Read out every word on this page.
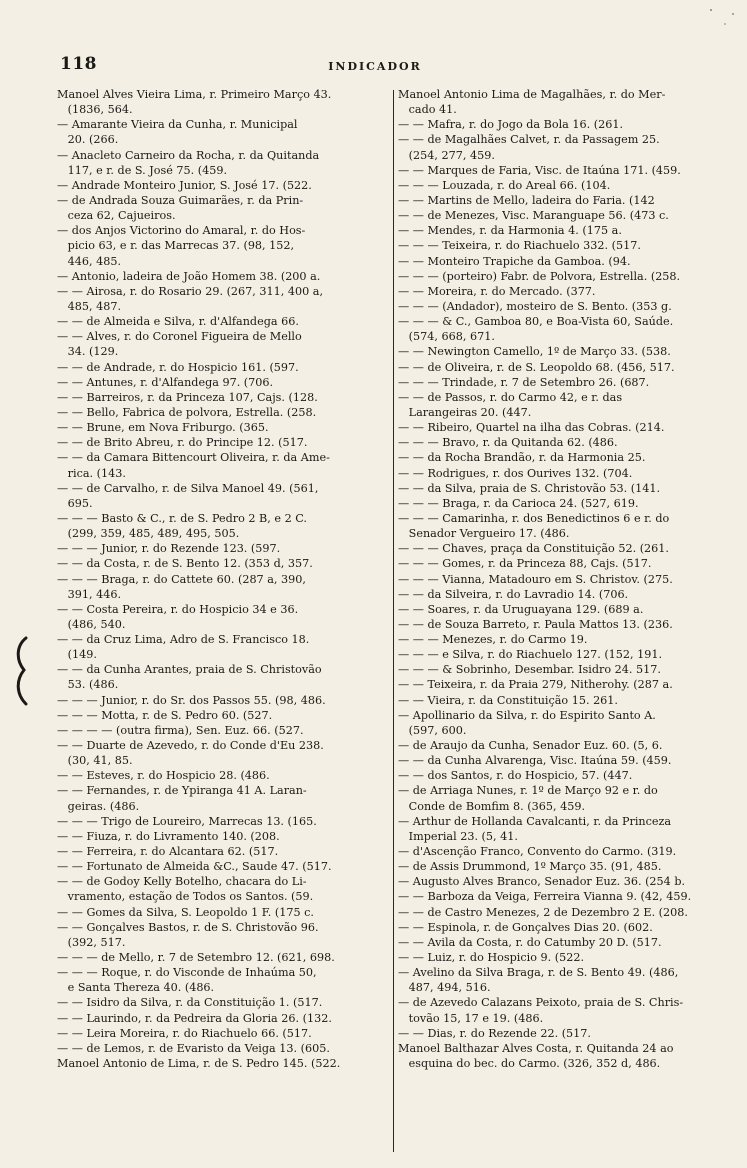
118	INDICADOR
Manoel Alves Vieira Lima, r. Primeiro Março 43.
(1836, 564.
— Amarante Vieira da Cunha, r. Municipal
20. (266.
— Anacleto Carneiro da Rocha, r. da Quitanda
117, e r. de S. José 75. (459.
— Andrade Monteiro Junior, S. José 17. (522.
— de Andrada Souza Guimarães, r. da Prin-
ceza 62, Cajueiros.
— dos Anjos Victorino do Amaral, r. do Hos-
picio 63, e r. das Marrecas 37. (98, 152,
446, 485.
— Antonio, ladeira de João Homem 38. (200 a.
— — Airosa, r. do Rosario 29. (267, 311, 400 a,
485, 487.
— — de Almeida e Silva, r. d'Alfandega 66.
— — Alves, r. do Coronel Figueira de Mello
34. (129.
— — de Andrade, r. do Hospicio 161. (597.
— — Antunes, r. d'Alfandega 97. (706.
— — Barreiros, r. da Princeza 107, Cajs. (128.
— — Bello, Fabrica de polvora, Estrella. (258.
— — Brune, em Nova Friburgo. (365.
— — de Brito Abreu, r. do Principe 12. (517.
— — da Camara Bittencourt Oliveira, r. da Ame-
rica. (143.
— — de Carvalho, r. de Silva Manoel 49. (561,
695.
— — — Basto & C., r. de S. Pedro 2 B, e 2 C.
(299, 359, 485, 489, 495, 505.
— — — Junior, r. do Rezende 123. (597.
— — da Costa, r. de S. Bento 12. (353 d, 357.
— — — Braga, r. do Cattete 60. (287 a, 390,
391, 446.
— — Costa Pereira, r. do Hospicio 34 e 36.
(486, 540.
— — da Cruz Lima, Adro de S. Francisco 18.
(149.
— — da Cunha Arantes, praia de S. Christovão
53. (486.
— — — Junior, r. do Sr. dos Passos 55. (98, 486.
— — — Motta, r. de S. Pedro 60. (527.
— — — — (outra firma), Sen. Euz. 66. (527.
— — Duarte de Azevedo, r. do Conde d'Eu 238.
(30, 41, 85.
— — Esteves, r. do Hospicio 28. (486.
— — Fernandes, r. de Ypiranga 41 A. Laran-
geiras. (486.
— — — Trigo de Loureiro, Marrecas 13. (165.
— — Fiuza, r. do Livramento 140. (208.
— — Ferreira, r. do Alcantara 62. (517.
— — Fortunato de Almeida &C., Saude 47. (517.
— — de Godoy Kelly Botelho, chacara do Li-
vramento, estação de Todos os Santos. (59.
— — Gomes da Silva, S. Leopoldo 1 F. (175 c.
— — Gonçalves Bastos, r. de S. Christovão 96.
(392, 517.
— — — de Mello, r. 7 de Setembro 12. (621, 698.
— — — Roque, r. do Visconde de Inhaúma 50,
e Santa Thereza 40. (486.
— — Isidro da Silva, r. da Constituição 1. (517.
— — Laurindo, r. da Pedreira da Gloria 26. (132.
— — Leira Moreira, r. do Riachuelo 66. (517.
— — de Lemos, r. de Evaristo da Veiga 13. (605.
Manoel Antonio de Lima, r. de S. Pedro 145. (522.
Manoel Antonio Lima de Magalhães, r. do Mer-
cado 41.
— — Mafra, r. do Jogo da Bola 16. (261.
— — de Magalhães Calvet, r. da Passagem 25.
(254, 277, 459.
— — Marques de Faria, Visc. de Itaúna 171. (459.
— — — Louzada, r. do Areal 66. (104.
— — Martins de Mello, ladeira do Faria. (142
— — de Menezes, Visc. Maranguape 56. (473 c.
— — Mendes, r. da Harmonia 4. (175 a.
— — — Teixeira, r. do Riachuelo 332. (517.
— — Monteiro Trapiche da Gamboa. (94.
— — — (porteiro) Fabr. de Polvora, Estrella. (258.
— — Moreira, r. do Mercado. (377.
— — — (Andador), mosteiro de S. Bento. (353 g.
— — — & C., Gamboa 80, e Boa-Vista 60, Saúde.
(574, 668, 671.
— — Newington Camello, 1º de Março 33. (538.
— — de Oliveira, r. de S. Leopoldo 68. (456, 517.
— — — Trindade, r. 7 de Setembro 26. (687.
— — de Passos, r. do Carmo 42, e r. das
Larangeiras 20. (447.
— — Ribeiro, Quartel na ilha das Cobras. (214.
— — — Bravo, r. da Quitanda 62. (486.
— — da Rocha Brandão, r. da Harmonia 25.
— — Rodrigues, r. dos Ourives 132. (704.
— — da Silva, praia de S. Christovão 53. (141.
— — — Braga, r. da Carioca 24. (527, 619.
— — — Camarinha, r. dos Benedictinos 6 e r. do
Senador Vergueiro 17. (486.
— — — Chaves, praça da Constituição 52. (261.
— — — Gomes, r. da Princeza 88, Cajs. (517.
— — — Vianna, Matadouro em S. Christov. (275.
— — da Silveira, r. do Lavradio 14. (706.
— — Soares, r. da Uruguayana 129. (689 a.
— — de Souza Barreto, r. Paula Mattos 13. (236.
— — — Menezes, r. do Carmo 19.
— — — e Silva, r. do Riachuelo 127. (152, 191.
— — — & Sobrinho, Desembar. Isidro 24. 517.
— — Teixeira, r. da Praia 279, Nitherohy. (287 a.
— — Vieira, r. da Constituição 15. 261.
— Apollinario da Silva, r. do Espirito Santo A.
(597, 600.
— de Araujo da Cunha, Senador Euz. 60. (5, 6.
— — da Cunha Alvarenga, Visc. Itaúna 59. (459.
— — dos Santos, r. do Hospicio, 57. (447.
— de Arriaga Nunes, r. 1º de Março 92 e r. do
Conde de Bomfim 8. (365, 459.
— Arthur de Hollanda Cavalcanti, r. da Princeza
Imperial 23. (5, 41.
— d'Ascenção Franco, Convento do Carmo. (319.
— de Assis Drummond, 1º Março 35. (91, 485.
— Augusto Alves Branco, Senador Euz. 36. (254 b.
— — Barboza da Veiga, Ferreira Vianna 9. (42, 459.
— — de Castro Menezes, 2 de Dezembro 2 E. (208.
— — Espinola, r. de Gonçalves Dias 20. (602.
— — Avila da Costa, r. do Catumby 20 D. (517.
— — Luiz, r. do Hospicio 9. (522.
— Avelino da Silva Braga, r. de S. Bento 49. (486,
487, 494, 516.
— de Azevedo Calazans Peixoto, praia de S. Chris-
tovão 15, 17 e 19. (486.
— — Dias, r. do Rezende 22. (517.
Manoel Balthazar Alves Costa, r. Quitanda 24 ao
esquina do bec. do Carmo. (326, 352 d, 486.
